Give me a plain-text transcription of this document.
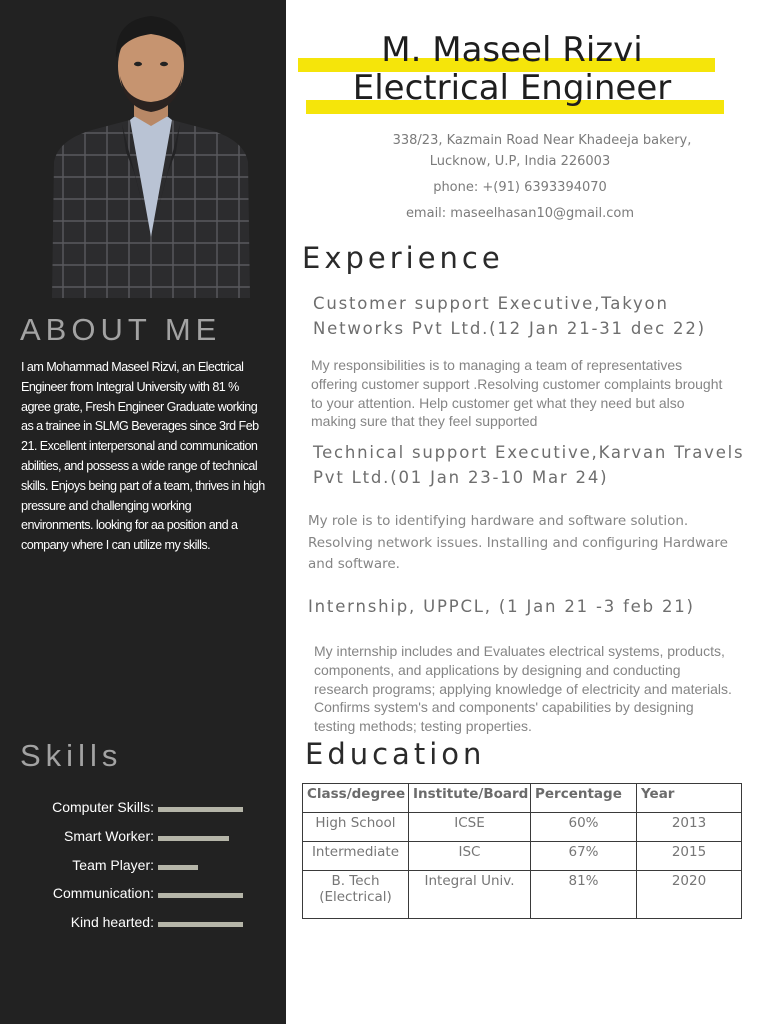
ABOUT ME

I am Mohammad Maseel Rizvi, an Electrical Engineer from Integral University with 81 % agree grate, Fresh Engineer Graduate working as a trainee in SLMG Beverages since 3rd Feb 21. Excellent interpersonal and communication abilities, and possess a wide range of technical skills. Enjoys being part of a team, thrives in high pressure and challenging working environments. looking for aa position and a company where I can utilize my skills.

Skills
Computer Skills:
Smart Worker:
Team Player:
Communication:
Kind hearted:
M. Maseel Rizvi
Electrical Engineer
338/23, Kazmain Road Near Khadeeja bakery,
Lucknow, U.P, India 226003
phone: +(91) 6393394070
email: maseelhasan10@gmail.com
Experience
Customer support Executive,Takyon Networks Pvt Ltd.(12 Jan 21-31 dec 22)

My responsibilities is to managing a team of representatives offering customer support .Resolving customer complaints brought to your attention. Help customer get what they need but also making sure that they feel supported

Technical support Executive,Karvan Travels Pvt Ltd.(01 Jan 23-10 Mar 24)

My role is to identifying hardware and software solution. Resolving network issues. Installing and configuring Hardware and software.

Internship, UPPCL, (1 Jan 21 -3 feb 21)

My internship includes and Evaluates electrical systems, products, components, and applications by designing and conducting research programs; applying knowledge of electricity and materials. Confirms system's and components' capabilities by designing testing methods; testing properties.

Education
Class/degree	Institute/Board	Percentage	Year
High School	ICSE	60%	2013
Intermediate	ISC	67%	2015
B. Tech (Electrical)	Integral Univ.	81%	2020
